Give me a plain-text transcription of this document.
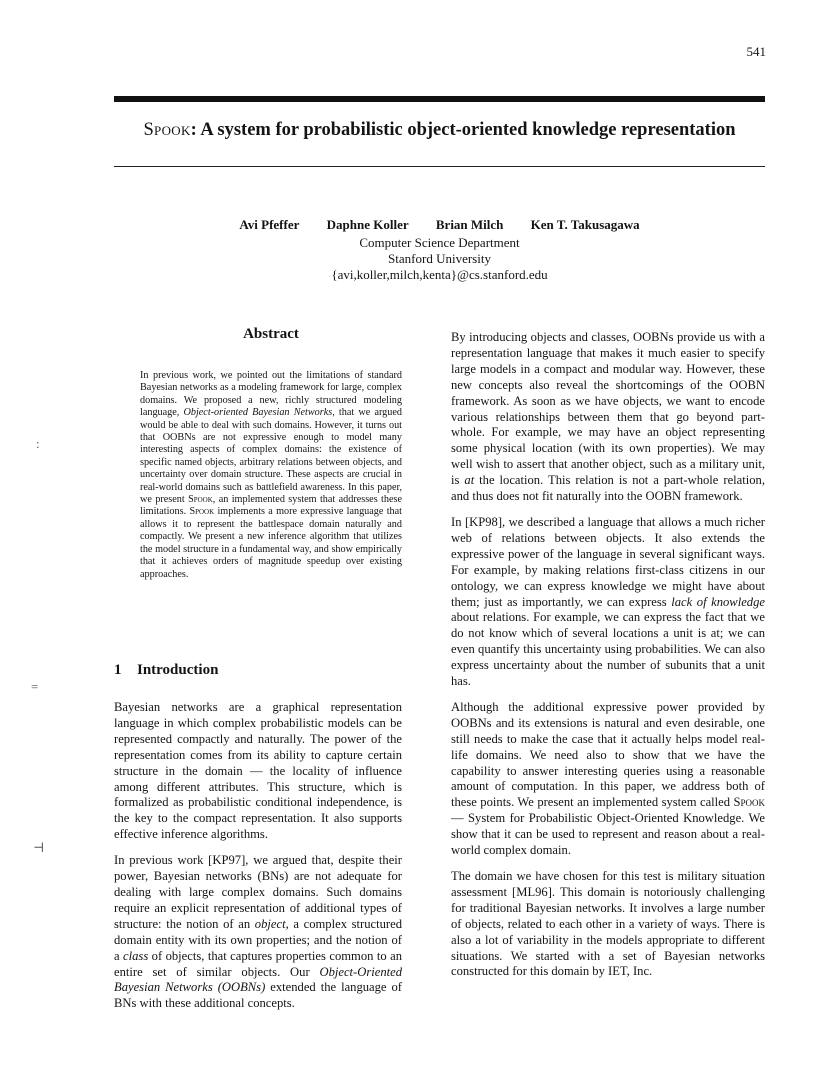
541
Spook: A system for probabilistic object-oriented knowledge representation
Avi Pfeffer Daphne Koller Brian Milch Ken T. Takusagawa
Computer Science Department
Stanford University
{avi,koller,milch,kenta}@cs.stanford.edu
Abstract
In previous work, we pointed out the limitations of standard Bayesian networks as a modeling framework for large, complex domains. We proposed a new, richly structured modeling language, Object-oriented Bayesian Networks, that we argued would be able to deal with such domains. However, it turns out that OOBNs are not expressive enough to model many interesting aspects of complex domains: the existence of specific named objects, arbitrary relations between objects, and uncertainty over domain structure. These aspects are crucial in real-world domains such as battlefield awareness. In this paper, we present Spook, an implemented system that addresses these limitations. Spook implements a more expressive language that allows it to represent the battlespace domain naturally and compactly. We present a new inference algorithm that utilizes the model structure in a fundamental way, and show empirically that it achieves orders of magnitude speedup over existing approaches.
1 Introduction

Bayesian networks are a graphical representation language in which complex probabilistic models can be represented compactly and naturally. The power of the representation comes from its ability to capture certain structure in the domain — the locality of influence among different attributes. This structure, which is formalized as probabilistic conditional independence, is the key to the compact representation. It also supports effective inference algorithms.

In previous work [KP97], we argued that, despite their power, Bayesian networks (BNs) are not adequate for dealing with large complex domains. Such domains require an explicit representation of additional types of structure: the notion of an object, a complex structured domain entity with its own properties; and the notion of a class of objects, that captures properties common to an entire set of similar objects. Our Object-Oriented Bayesian Networks (OOBNs) extended the language of BNs with these additional concepts.

By introducing objects and classes, OOBNs provide us with a representation language that makes it much easier to specify large models in a compact and modular way. However, these new concepts also reveal the shortcomings of the OOBN framework. As soon as we have objects, we want to encode various relationships between them that go beyond part-whole. For example, we may have an object representing some physical location (with its own properties). We may well wish to assert that another object, such as a military unit, is at the location. This relation is not a part-whole relation, and thus does not fit naturally into the OOBN framework.

In [KP98], we described a language that allows a much richer web of relations between objects. It also extends the expressive power of the language in several significant ways. For example, by making relations first-class citizens in our ontology, we can express knowledge we might have about them; just as importantly, we can express lack of knowledge about relations. For example, we can express the fact that we do not know which of several locations a unit is at; we can even quantify this uncertainty using probabilities. We can also express uncertainty about the number of subunits that a unit has.

Although the additional expressive power provided by OOBNs and its extensions is natural and even desirable, one still needs to make the case that it actually helps model real-life domains. We need also to show that we have the capability to answer interesting queries using a reasonable amount of computation. In this paper, we address both of these points. We present an implemented system called Spook — System for Probabilistic Object-Oriented Knowledge. We show that it can be used to represent and reason about a real-world complex domain.

The domain we have chosen for this test is military situation assessment [ML96]. This domain is notoriously challenging for traditional Bayesian networks. It involves a large number of objects, related to each other in a variety of ways. There is also a lot of variability in the models appropriate to different situations. We started with a set of Bayesian networks constructed for this domain by IET, Inc.

:
=
⊣
